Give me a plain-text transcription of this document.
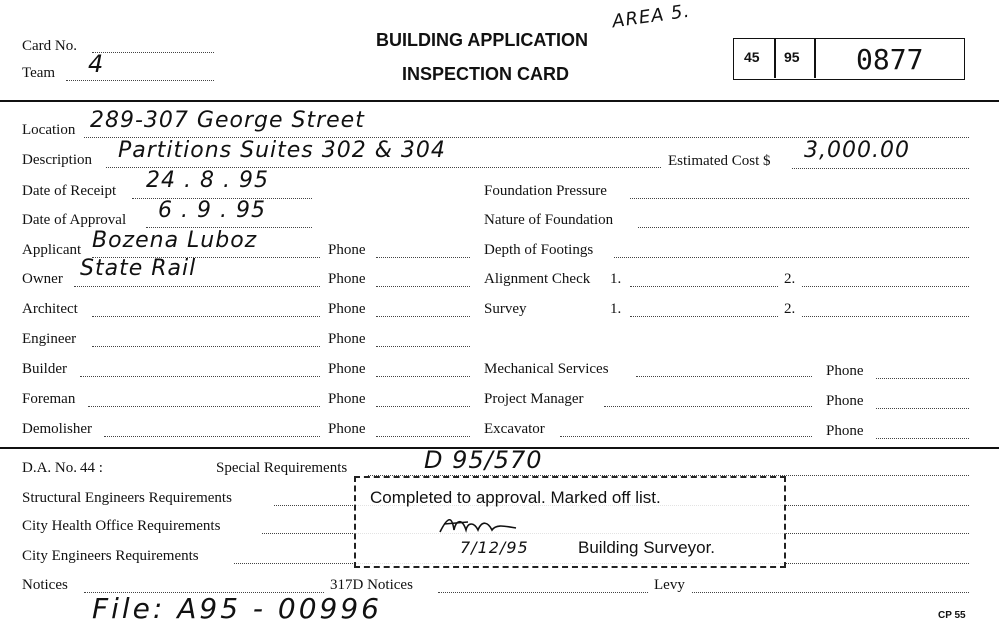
Card No.
Team 4
BUILDING APPLICATION
INSPECTION CARD
AREA 5.
45 95 0877
Location 289-307 George Street
Description Partitions Suites 302 & 304
Date of Receipt 24 . 8 . 95
Date of Approval 6 . 9 . 95
Applicant Bozena Luboz	Phone
Owner State Rail	Phone
Architect	Phone
Engineer	Phone
Builder	Phone
Foreman	Phone
Demolisher	Phone
Estimated Cost $ 3,000.00
Foundation Pressure
Nature of Foundation
Depth of Footings
Alignment Check 1.	2.
Survey	1.	2.
Mechanical Services	Phone
Project Manager	Phone
Excavator	Phone
D.A. No. 44 :	Special Requirements	D 95/570
Structural Engineers Requirements
City Health Office Requirements
City Engineers Requirements
Notices	317D Notices	Levy
File: A95 - 00996	CP 55
Completed to approval. Marked off list.
7/12/95	Building Surveyor.
